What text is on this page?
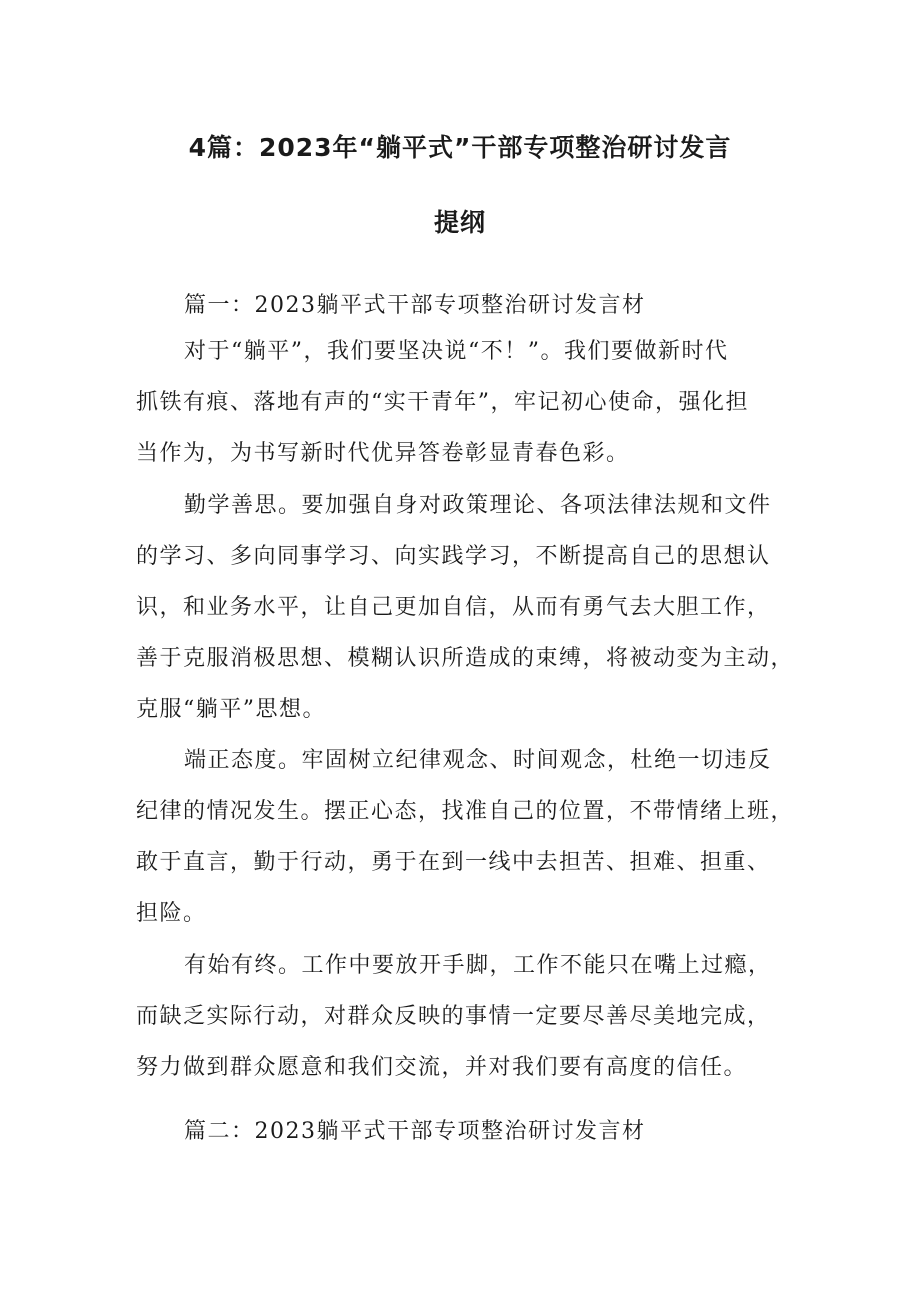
4篇：2023年“躺平式”干部专项整治研讨发言
提纲
篇一：2023躺平式干部专项整治研讨发言材
对于“躺平”，我们要坚决说“不！”。我们要做新时代
抓铁有痕、落地有声的“实干青年”，牢记初心使命，强化担
当作为，为书写新时代优异答卷彰显青春色彩。
勤学善思。要加强自身对政策理论、各项法律法规和文件
的学习、多向同事学习、向实践学习，不断提高自己的思想认
识，和业务水平，让自己更加自信，从而有勇气去大胆工作，
善于克服消极思想、模糊认识所造成的束缚，将被动变为主动，
克服“躺平”思想。
端正态度。牢固树立纪律观念、时间观念，杜绝一切违反
纪律的情况发生。摆正心态，找准自己的位置，不带情绪上班，
敢于直言，勤于行动，勇于在到一线中去担苦、担难、担重、
担险。
有始有终。工作中要放开手脚，工作不能只在嘴上过瘾，
而缺乏实际行动，对群众反映的事情一定要尽善尽美地完成，
努力做到群众愿意和我们交流，并对我们要有高度的信任。
篇二：2023躺平式干部专项整治研讨发言材
